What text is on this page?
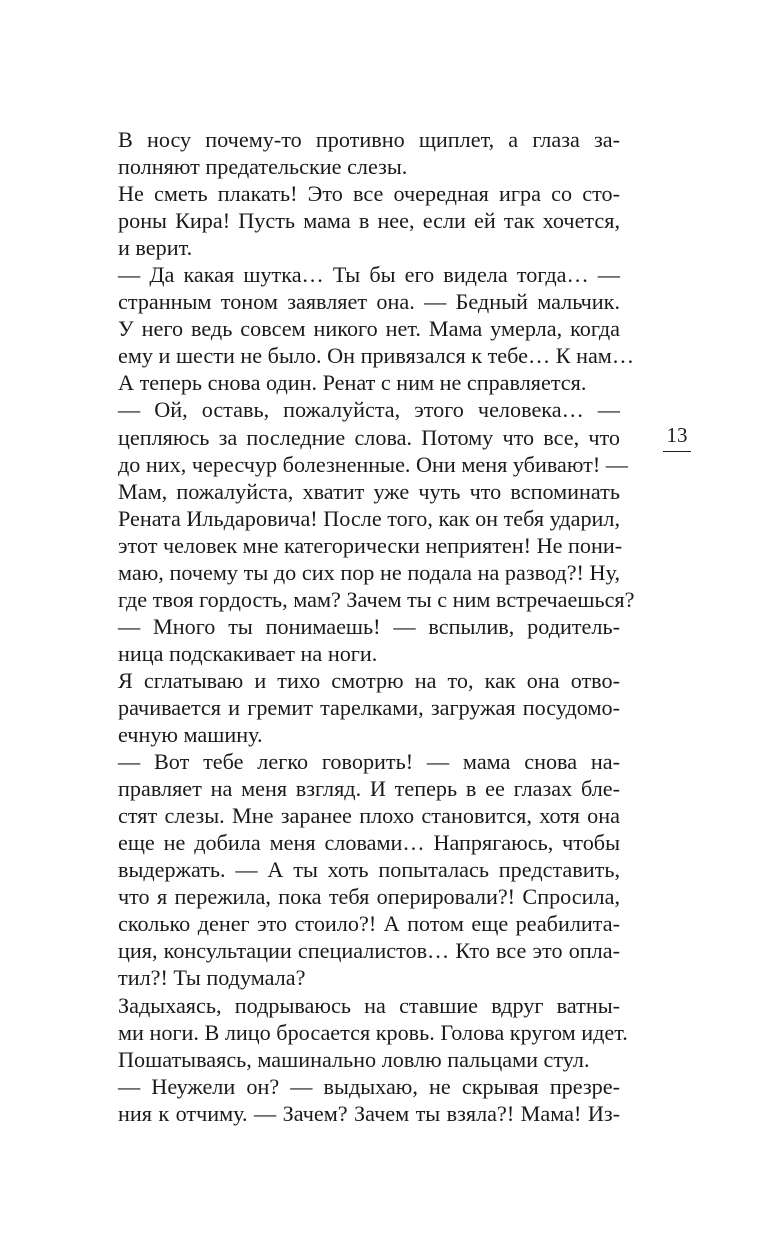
В носу почему-то противно щиплет, а глаза за-
полняют предательские слезы.
Не сметь плакать! Это все очередная игра со сто-
роны Кира! Пусть мама в нее, если ей так хочется,
и верит.
— Да какая шутка… Ты бы его видела тогда… —
странным тоном заявляет она. — Бедный мальчик.
У него ведь совсем никого нет. Мама умерла, когда
ему и шести не было. Он привязался к тебе… К нам…
А теперь снова один. Ренат с ним не справляется.
— Ой, оставь, пожалуйста, этого человека… —
цепляюсь за последние слова. Потому что все, что
до них, чересчур болезненные. Они меня убивают! —
Мам, пожалуйста, хватит уже чуть что вспоминать
Рената Ильдаровича! После того, как он тебя ударил,
этот человек мне категорически неприятен! Не пони-
маю, почему ты до сих пор не подала на развод?! Ну,
где твоя гордость, мам? Зачем ты с ним встречаешься?
— Много ты понимаешь! — вспылив, родитель-
ница подскакивает на ноги.
Я сглатываю и тихо смотрю на то, как она отво-
рачивается и гремит тарелками, загружая посудомо-
ечную машину.
— Вот тебе легко говорить! — мама снова на-
правляет на меня взгляд. И теперь в ее глазах бле-
стят слезы. Мне заранее плохо становится, хотя она
еще не добила меня словами… Напрягаюсь, чтобы
выдержать. — А ты хоть попыталась представить,
что я пережила, пока тебя оперировали?! Спросила,
сколько денег это стоило?! А потом еще реабилита-
ция, консультации специалистов… Кто все это опла-
тил?! Ты подумала?
Задыхаясь, подрываюсь на ставшие вдруг ватны-
ми ноги. В лицо бросается кровь. Голова кругом идет.
Пошатываясь, машинально ловлю пальцами стул.
— Неужели он? — выдыхаю, не скрывая презре-
ния к отчиму. — Зачем? Зачем ты взяла?! Мама! Из-

13
